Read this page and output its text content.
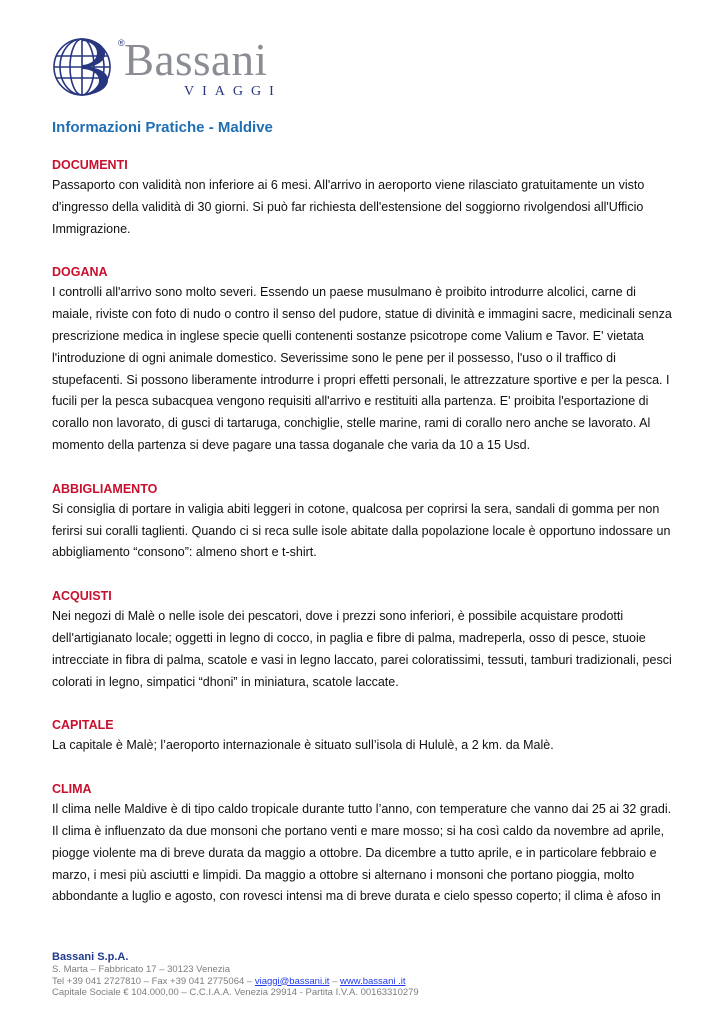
® Bassani
VIAGGI
Informazioni Pratiche - Maldive
DOCUMENTI

Passaporto con validità non inferiore ai 6 mesi. All'arrivo in aeroporto viene rilasciato gratuitamente un visto d'ingresso della validità di 30 giorni. Si può far richiesta dell'estensione del soggiorno rivolgendosi all'Ufficio Immigrazione.

DOGANA

I controlli all'arrivo sono molto severi. Essendo un paese musulmano è proibito introdurre alcolici, carne di maiale, riviste con foto di nudo o contro il senso del pudore, statue di divinità e immagini sacre, medicinali senza prescrizione medica in inglese specie quelli contenenti sostanze psicotrope come Valium e Tavor. E' vietata l'introduzione di ogni animale domestico. Severissime sono le pene per il possesso, l'uso o il traffico di stupefacenti. Si possono liberamente introdurre i propri effetti personali, le attrezzature sportive e per la pesca. I fucili per la pesca subacquea vengono requisiti all'arrivo e restituiti alla partenza. E' proibita l'esportazione di corallo non lavorato, di gusci di tartaruga, conchiglie, stelle marine, rami di corallo nero anche se lavorato. Al momento della partenza si deve pagare una tassa doganale che varia da 10 a 15 Usd.

ABBIGLIAMENTO

Si consiglia di portare in valigia abiti leggeri in cotone, qualcosa per coprirsi la sera, sandali di gomma per non ferirsi sui coralli taglienti. Quando ci si reca sulle isole abitate dalla popolazione locale è opportuno indossare un abbigliamento “consono”: almeno short e t-shirt.

ACQUISTI

Nei negozi di Malè o nelle isole dei pescatori, dove i prezzi sono inferiori, è possibile acquistare prodotti dell'artigianato locale; oggetti in legno di cocco, in paglia e fibre di palma, madreperla, osso di pesce, stuoie intrecciate in fibra di palma, scatole e vasi in legno laccato, parei coloratissimi, tessuti, tamburi tradizionali, pesci colorati in legno, simpatici “dhoni” in miniatura, scatole laccate.

CAPITALE

La capitale è Malè; l’aeroporto internazionale è situato sull’isola di Hululè, a 2 km. da Malè.

CLIMA

Il clima nelle Maldive è di tipo caldo tropicale durante tutto l’anno, con temperature che vanno dai 25 ai 32 gradi. Il clima è influenzato da due monsoni che portano venti e mare mosso; si ha così caldo da novembre ad aprile, piogge violente ma di breve durata da maggio a ottobre. Da dicembre a tutto aprile, e in particolare febbraio e marzo, i mesi più asciutti e limpidi. Da maggio a ottobre si alternano i monsoni che portano pioggia, molto abbondante a luglio e agosto, con rovesci intensi ma di breve durata e cielo spesso coperto; il clima è afoso in

Bassani S.p.A.
S. Marta – Fabbricato 17 – 30123 Venezia
Tel +39 041 2727810 – Fax +39 041 2775064 – viaggi@bassani.it – www.bassani .it
Capitale Sociale € 104.000,00 – C.C.I.A.A. Venezia 29914 - Partita I.V.A. 00163310279
